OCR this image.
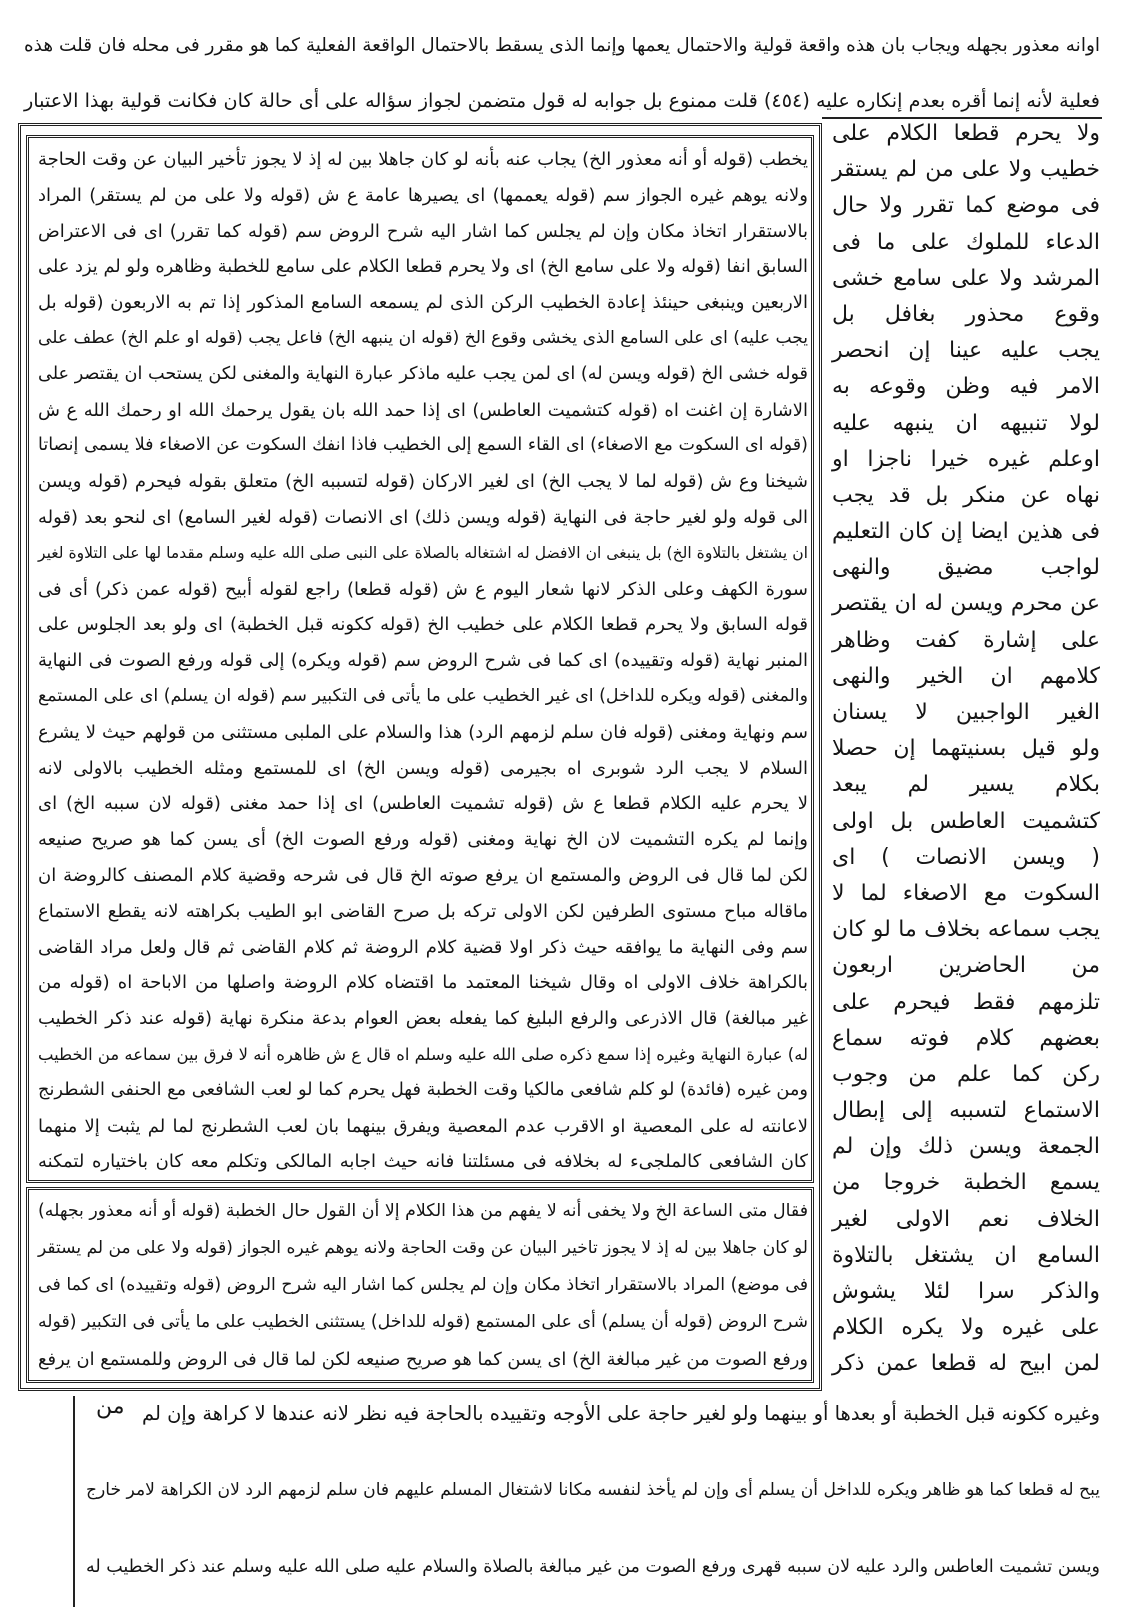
اوانه معذور بجهله ويجاب بان هذه واقعة قولية والاحتمال يعمها وإنما الذى يسقط بالاحتمال الواقعة الفعلية كما هو مقرر فى محله فان قلت هذه
فعلية لأنه إنما أقره بعدم إنكاره عليه (٤٥٤) قلت ممنوع بل جوابه له قول متضمن لجواز سؤاله على أى حالة كان فكانت قولية بهذا الاعتبار
ولا يحرم قطعا الكلام على
خطيب ولا على من لم يستقر
فى موضع كما تقرر ولا حال
الدعاء للملوك على ما فى
المرشد ولا على سامع خشى
وقوع محذور بغافل بل
يجب عليه عينا إن انحصر
الامر فيه وظن وقوعه به
لولا تنبيهه ان ينبهه عليه
اوعلم غيره خيرا ناجزا او
نهاه عن منكر بل قد يجب
فى هذين ايضا إن كان التعليم
لواجب مضيق والنهى
عن محرم ويسن له ان يقتصر
على إشارة كفت وظاهر
كلامهم ان الخير والنهى
الغير الواجبين لا يسنان
ولو قيل بسنيتهما إن حصلا
بكلام يسير لم يبعد
كتشميت العاطس بل اولى
( ويسن الانصات ) اى
السكوت مع الاصغاء لما لا
يجب سماعه بخلاف ما لو كان
من الحاضرين اربعون
تلزمهم فقط فيحرم على
بعضهم كلام فوته سماع
ركن كما علم من وجوب
الاستماع لتسببه إلى إبطال
الجمعة ويسن ذلك وإن لم
يسمع الخطبة خروجا من
الخلاف نعم الاولى لغير
السامع ان يشتغل بالتلاوة
والذكر سرا لئلا يشوش
على غيره ولا يكره الكلام
لمن ابيح له قطعا عمن ذكر
يخطب (قوله أو أنه معذور الخ) يجاب عنه بأنه لو كان جاهلا بين له إذ لا يجوز تأخير البيان عن وقت الحاجة
ولانه يوهم غيره الجواز سم (قوله يعممها) اى يصيرها عامة ع ش (قوله ولا على من لم يستقر) المراد
بالاستقرار اتخاذ مكان وإن لم يجلس كما اشار اليه شرح الروض سم (قوله كما تقرر) اى فى الاعتراض
السابق انفا (قوله ولا على سامع الخ) اى ولا يحرم قطعا الكلام على سامع للخطبة وظاهره ولو لم يزد على
الاربعين وينبغى حينئذ إعادة الخطيب الركن الذى لم يسمعه السامع المذكور إذا تم به الاربعون (قوله بل
يجب عليه) اى على السامع الذى يخشى وقوع الخ (قوله ان ينبهه الخ) فاعل يجب (قوله او علم الخ) عطف على
قوله خشى الخ (قوله ويسن له) اى لمن يجب عليه ماذكر عبارة النهاية والمغنى لكن يستحب ان يقتصر على
الاشارة إن اغنت اه (قوله كتشميت العاطس) اى إذا حمد الله بان يقول يرحمك الله او رحمك الله ع ش
(قوله اى السكوت مع الاصغاء) اى القاء السمع إلى الخطيب فاذا انفك السكوت عن الاصغاء فلا يسمى إنصاتا
شيخنا وع ش (قوله لما لا يجب الخ) اى لغير الاركان (قوله لتسببه الخ) متعلق بقوله فيحرم (قوله ويسن
الى قوله ولو لغير حاجة فى النهاية (قوله ويسن ذلك) اى الانصات (قوله لغير السامع) اى لنحو بعد (قوله
ان يشتغل بالتلاوة الخ) بل ينبغى ان الافضل له اشتغاله بالصلاة على النبى صلى الله عليه وسلم مقدما لها على التلاوة لغير
سورة الكهف وعلى الذكر لانها شعار اليوم ع ش (قوله قطعا) راجع لقوله أبيح (قوله عمن ذكر) أى فى
قوله السابق ولا يحرم قطعا الكلام على خطيب الخ (قوله ككونه قبل الخطبة) اى ولو بعد الجلوس على
المنبر نهاية (قوله وتقييده) اى كما فى شرح الروض سم (قوله ويكره) إلى قوله ورفع الصوت فى النهاية
والمغنى (قوله ويكره للداخل) اى غير الخطيب على ما يأتى فى التكبير سم (قوله ان يسلم) اى على المستمع
سم ونهاية ومغنى (قوله فان سلم لزمهم الرد) هذا والسلام على الملبى مستثنى من قولهم حيث لا يشرع
السلام لا يجب الرد شوبرى اه بجيرمى (قوله ويسن الخ) اى للمستمع ومثله الخطيب بالاولى لانه
لا يحرم عليه الكلام قطعا ع ش (قوله تشميت العاطس) اى إذا حمد مغنى (قوله لان سببه الخ) اى
وإنما لم يكره التشميت لان الخ نهاية ومغنى (قوله ورفع الصوت الخ) أى يسن كما هو صريح صنيعه
لكن لما قال فى الروض والمستمع ان يرفع صوته الخ قال فى شرحه وقضية كلام المصنف كالروضة ان
ماقاله مباح مستوى الطرفين لكن الاولى تركه بل صرح القاضى ابو الطيب بكراهته لانه يقطع الاستماع
سم وفى النهاية ما يوافقه حيث ذكر اولا قضية كلام الروضة ثم كلام القاضى ثم قال ولعل مراد القاضى
بالكراهة خلاف الاولى اه وقال شيخنا المعتمد ما اقتضاه كلام الروضة واصلها من الاباحة اه (قوله من
غير مبالغة) قال الاذرعى والرفع البليغ كما يفعله بعض العوام بدعة منكرة نهاية (قوله عند ذكر الخطيب
له) عبارة النهاية وغيره إذا سمع ذكره صلى الله عليه وسلم اه قال ع ش ظاهره أنه لا فرق بين سماعه من الخطيب
ومن غيره (فائدة) لو كلم شافعى مالكيا وقت الخطبة فهل يحرم كما لو لعب الشافعى مع الحنفى الشطرنج
لاعانته له على المعصية او الاقرب عدم المعصية ويفرق بينهما بان لعب الشطرنج لما لم يثبت إلا منهما
كان الشافعى كالملجىء له بخلافه فى مسئلتنا فانه حيث اجابه المالكى وتكلم معه كان باختياره لتمكنه
فقال متى الساعة الخ ولا يخفى أنه لا يفهم من هذا الكلام إلا أن القول حال الخطبة (قوله أو أنه معذور بجهله)
لو كان جاهلا بين له إذ لا يجوز تاخير البيان عن وقت الحاجة ولانه يوهم غيره الجواز (قوله ولا على من لم يستقر
فى موضع) المراد بالاستقرار اتخاذ مكان وإن لم يجلس كما اشار اليه شرح الروض (قوله وتقييده) اى كما فى
شرح الروض (قوله أن يسلم) أى على المستمع (قوله للداخل) يستثنى الخطيب على ما يأتى فى التكبير (قوله
ورفع الصوت من غير مبالغة الخ) اى يسن كما هو صريح صنيعه لكن لما قال فى الروض وللمستمع ان يرفع
وغيره ككونه قبل الخطبة أو بعدها أو بينهما ولو لغير حاجة على الأوجه وتقييده بالحاجة فيه نظر لانه عندها لا كراهة وإن لم
يبح له قطعا كما هو ظاهر ويكره للداخل أن يسلم أى وإن لم يأخذ لنفسه مكانا لاشتغال المسلم عليهم فان سلم لزمهم الرد لان الكراهة لامر خارج
ويسن تشميت العاطس والرد عليه لان سببه قهرى ورفع الصوت من غير مبالغة بالصلاة والسلام عليه صلى الله عليه وسلم عند ذكر الخطيب له
من
